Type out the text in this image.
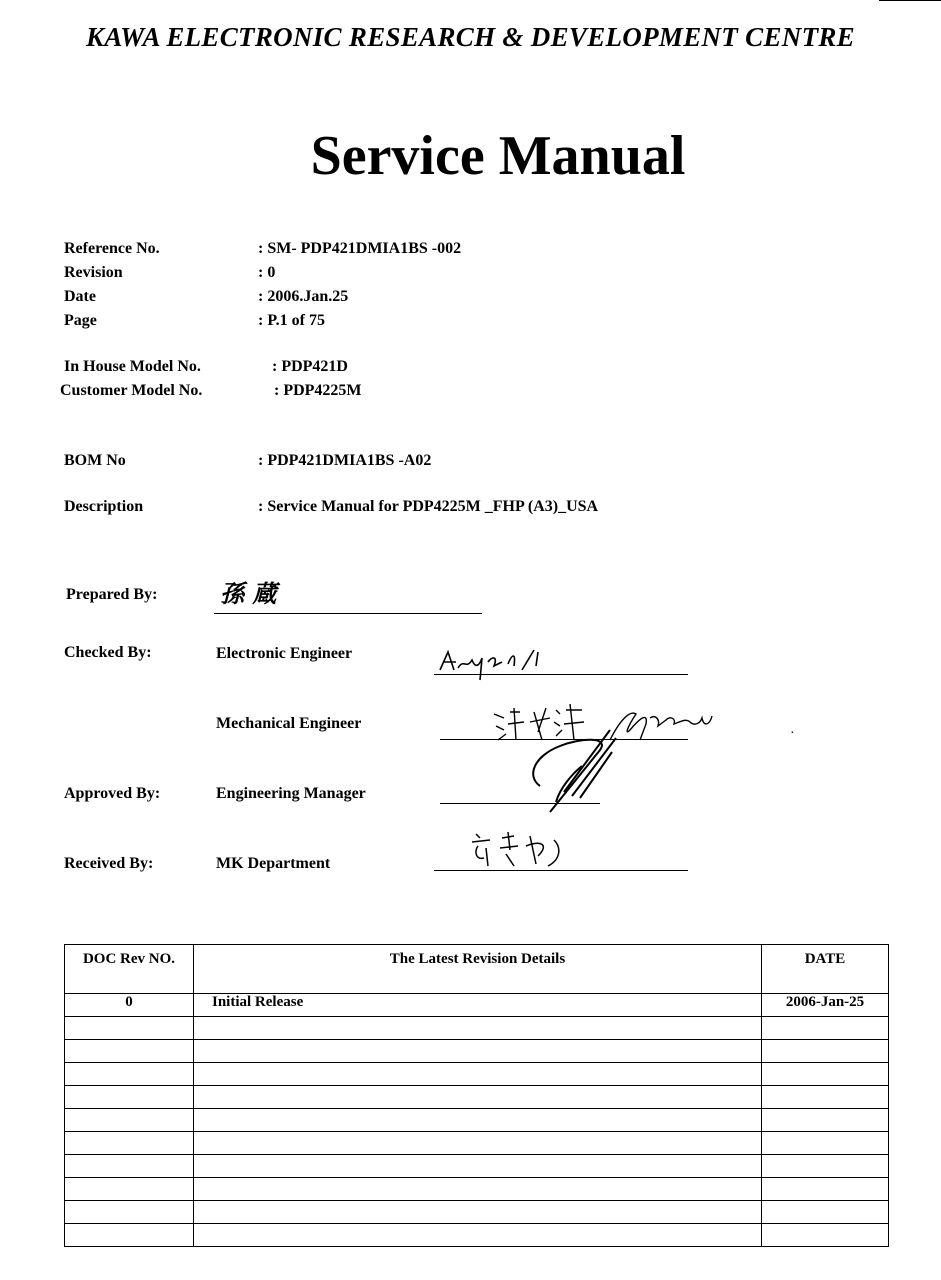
KAWA ELECTRONIC RESEARCH & DEVELOPMENT CENTRE
Service Manual
Reference No.	: SM- PDP421DMIA1BS -002
Revision	: 0
Date	: 2006.Jan.25
Page	: P.1 of 75
In House Model No.	: PDP421D
Customer Model No.	: PDP4225M
BOM No	: PDP421DMIA1BS -A02
Description	: Service Manual for PDP4225M _FHP (A3)_USA
Prepared By:	孫 蔵
Checked By:	Electronic Engineer
Mechanical Engineer
·
Approved By:	Engineering Manager
Received By:	MK Department
DOC Rev NO.	The Latest Revision Details	DATE
0	Initial Release	2006-Jan-25
